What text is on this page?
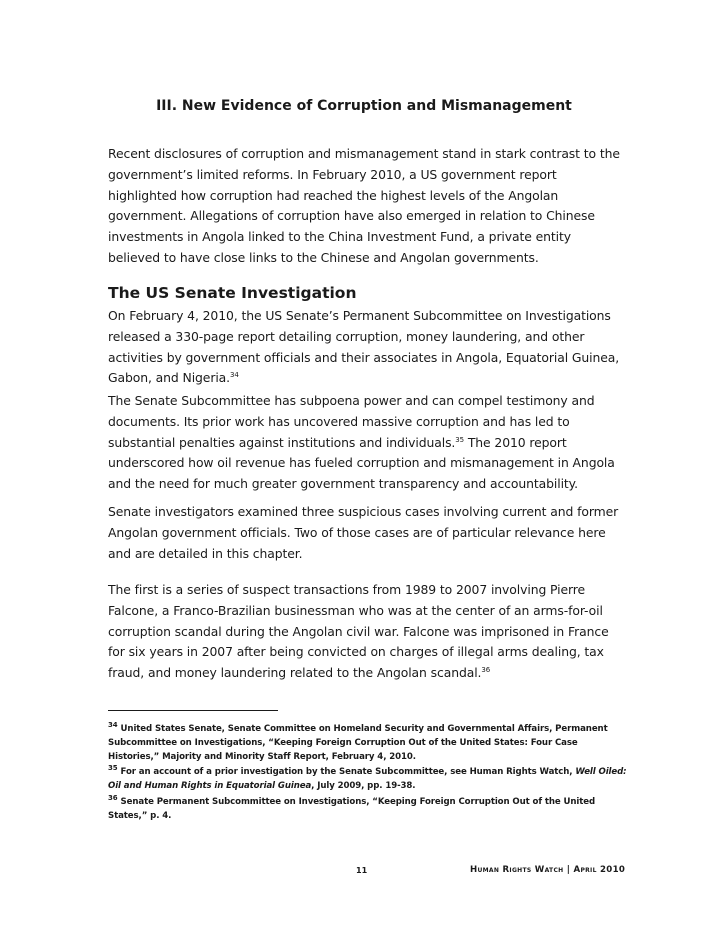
III. New Evidence of Corruption and Mismanagement

Recent disclosures of corruption and mismanagement stand in stark contrast to the government’s limited reforms. In February 2010, a US government report highlighted how corruption had reached the highest levels of the Angolan government. Allegations of corruption have also emerged in relation to Chinese investments in Angola linked to the China Investment Fund, a private entity believed to have close links to the Chinese and Angolan governments.

The US Senate Investigation

On February 4, 2010, the US Senate’s Permanent Subcommittee on Investigations released a 330-page report detailing corruption, money laundering, and other activities by government officials and their associates in Angola, Equatorial Guinea, Gabon, and Nigeria.$^{34}$

The Senate Subcommittee has subpoena power and can compel testimony and documents. Its prior work has uncovered massive corruption and has led to substantial penalties against institutions and individuals.$^{35}$ The 2010 report underscored how oil revenue has fueled corruption and mismanagement in Angola and the need for much greater government transparency and accountability.

Senate investigators examined three suspicious cases involving current and former Angolan government officials. Two of those cases are of particular relevance here and are detailed in this chapter.

The first is a series of suspect transactions from 1989 to 2007 involving Pierre Falcone, a Franco-Brazilian businessman who was at the center of an arms-for-oil corruption scandal during the Angolan civil war. Falcone was imprisoned in France for six years in 2007 after being convicted on charges of illegal arms dealing, tax fraud, and money laundering related to the Angolan scandal.$^{36}$

$^{34}$ United States Senate, Senate Committee on Homeland Security and Governmental Affairs, Permanent Subcommittee on Investigations, “Keeping Foreign Corruption Out of the United States: Four Case Histories,” Majority and Minority Staff Report, February 4, 2010.

$^{35}$ For an account of a prior investigation by the Senate Subcommittee, see Human Rights Watch, Well Oiled: Oil and Human Rights in Equatorial Guinea, July 2009, pp. 19-38.

$^{36}$ Senate Permanent Subcommittee on Investigations, “Keeping Foreign Corruption Out of the United States,” p. 4.

11	Human Rights Watch | April 2010
